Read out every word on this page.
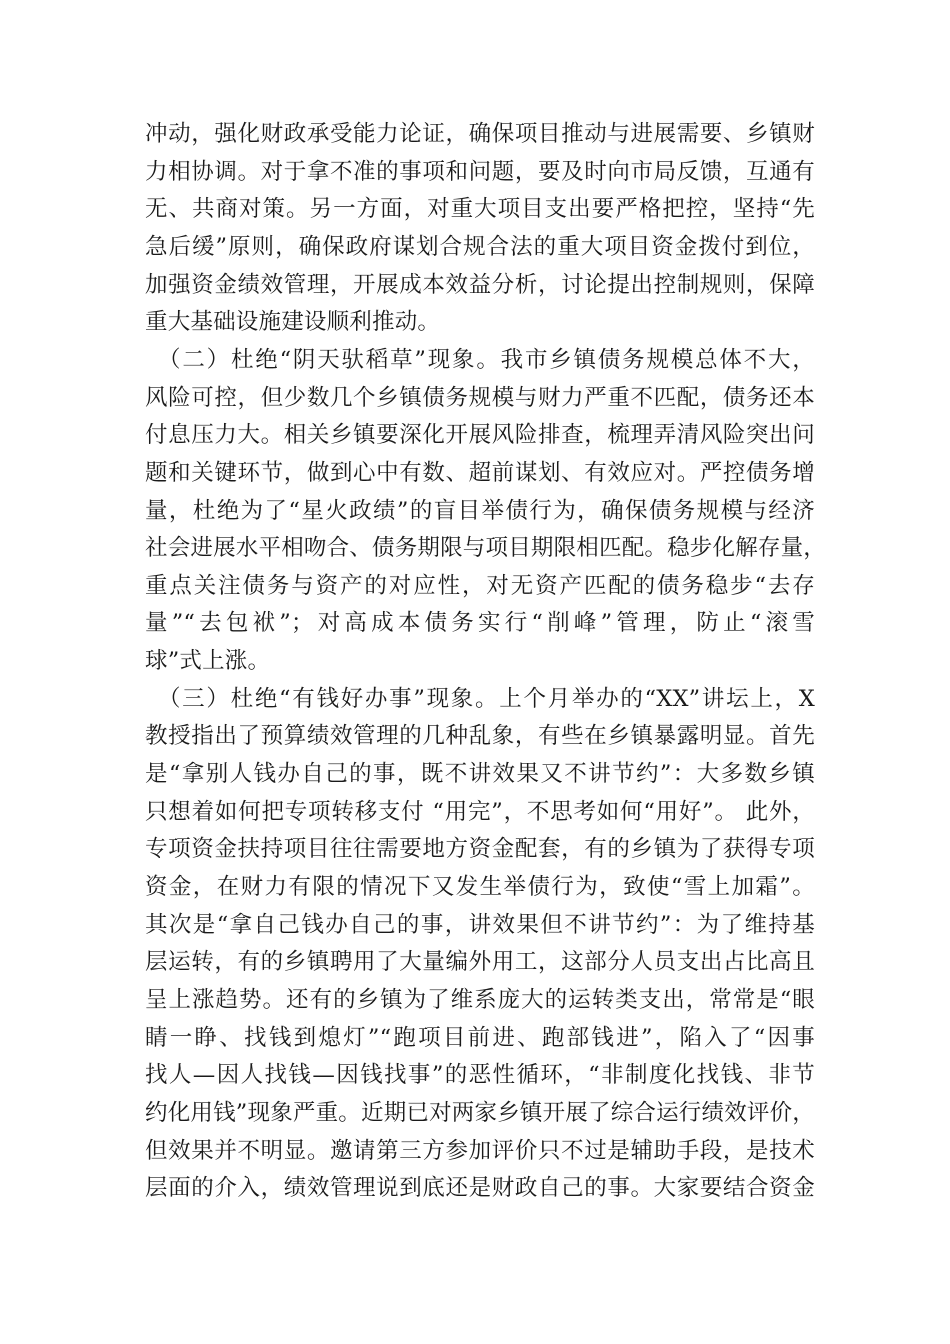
冲动，强化财政承受能力论证，确保项目推动与进展需要、乡镇财
力相协调。对于拿不准的事项和问题，要及时向市局反馈，互通有
无、共商对策。另一方面，对重大项目支出要严格把控，坚持“先
急后缓”原则，确保政府谋划合规合法的重大项目资金拨付到位，
加强资金绩效管理，开展成本效益分析，讨论提出控制规则，保障
重大基础设施建设顺利推动。
　（二）杜绝“阴天驮稻草”现象。我市乡镇债务规模总体不大，
风险可控，但少数几个乡镇债务规模与财力严重不匹配，债务还本
付息压力大。相关乡镇要深化开展风险排查，梳理弄清风险突出问
题和关键环节，做到心中有数、超前谋划、有效应对。严控债务增
量，杜绝为了“星火政绩”的盲目举债行为，确保债务规模与经济
社会进展水平相吻合、债务期限与项目期限相匹配。稳步化解存量，
重点关注债务与资产的对应性，对无资产匹配的债务稳步“去存
量”“去包袱”；对高成本债务实行“削峰”管理，防止“滚雪
球”式上涨。
　（三）杜绝“有钱好办事”现象。上个月举办的“XX”讲坛上，X
教授指出了预算绩效管理的几种乱象，有些在乡镇暴露明显。首先
是“拿别人钱办自己的事，既不讲效果又不讲节约”：大多数乡镇
只想着如何把专项转移支付 “用完”，不思考如何“用好”。 此外，
专项资金扶持项目往往需要地方资金配套，有的乡镇为了获得专项
资金，在财力有限的情况下又发生举债行为，致使“雪上加霜”。
其次是“拿自己钱办自己的事，讲效果但不讲节约”：为了维持基
层运转，有的乡镇聘用了大量编外用工，这部分人员支出占比高且
呈上涨趋势。还有的乡镇为了维系庞大的运转类支出，常常是“眼
睛一睁、找钱到熄灯”“跑项目前进、跑部钱进”，陷入了“因事
找人—因人找钱—因钱找事”的恶性循环，“非制度化找钱、非节
约化用钱”现象严重。近期已对两家乡镇开展了综合运行绩效评价，
但效果并不明显。邀请第三方参加评价只不过是辅助手段，是技术
层面的介入，绩效管理说到底还是财政自己的事。大家要结合资金
